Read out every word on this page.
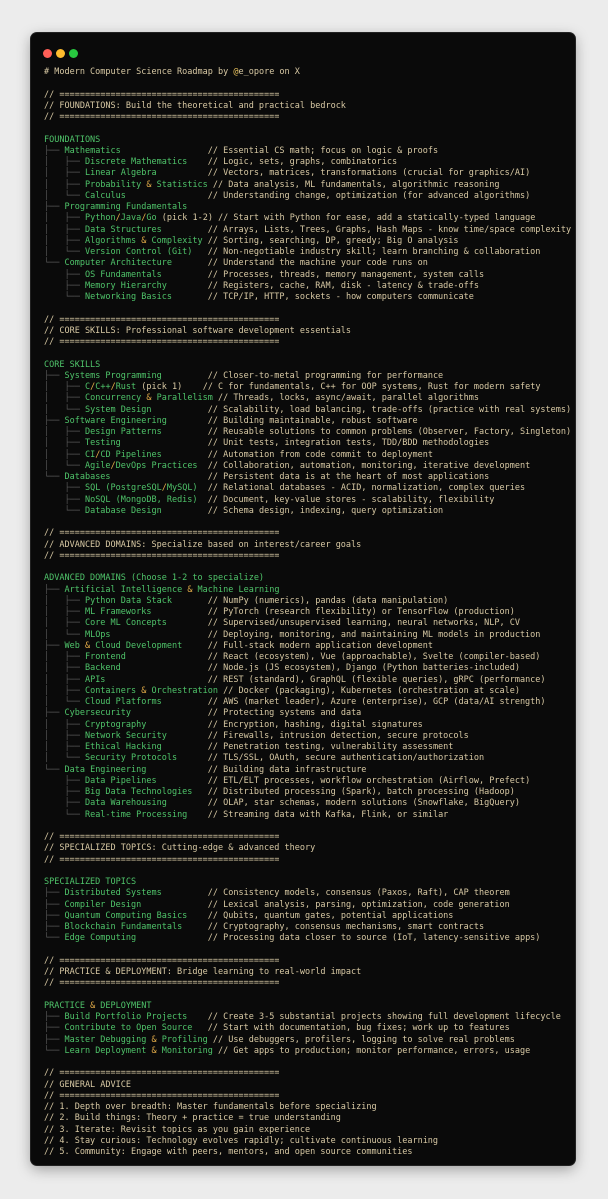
# Modern Computer Science Roadmap by @e_opore on X
// ===========================================
// FOUNDATIONS: Build the theoretical and practical bedrock
// ===========================================
FOUNDATIONS
├── Mathematics                 // Essential CS math; focus on logic & proofs
│   ├── Discrete Mathematics    // Logic, sets, graphs, combinatorics
│   ├── Linear Algebra          // Vectors, matrices, transformations (crucial for graphics/AI)
│   ├── Probability & Statistics // Data analysis, ML fundamentals, algorithmic reasoning
│   └── Calculus                // Understanding change, optimization (for advanced algorithms)
├── Programming Fundamentals
│   ├── Python/Java/Go (pick 1-2) // Start with Python for ease, add a statically-typed language
│   ├── Data Structures         // Arrays, Lists, Trees, Graphs, Hash Maps - know time/space complexity
│   ├── Algorithms & Complexity // Sorting, searching, DP, greedy; Big O analysis
│   └── Version Control (Git)   // Non-negotiable industry skill; learn branching & collaboration
└── Computer Architecture       // Understand the machine your code runs on
├── OS Fundamentals         // Processes, threads, memory management, system calls
├── Memory Hierarchy        // Registers, cache, RAM, disk - latency & trade-offs
└── Networking Basics       // TCP/IP, HTTP, sockets - how computers communicate
// ===========================================
// CORE SKILLS: Professional software development essentials
// ===========================================
CORE SKILLS
├── Systems Programming         // Closer-to-metal programming for performance
│   ├── C/C++/Rust (pick 1)    // C for fundamentals, C++ for OOP systems, Rust for modern safety
│   ├── Concurrency & Parallelism // Threads, locks, async/await, parallel algorithms
│   └── System Design           // Scalability, load balancing, trade-offs (practice with real systems)
├── Software Engineering        // Building maintainable, robust software
│   ├── Design Patterns         // Reusable solutions to common problems (Observer, Factory, Singleton)
│   ├── Testing                 // Unit tests, integration tests, TDD/BDD methodologies
│   ├── CI/CD Pipelines         // Automation from code commit to deployment
│   └── Agile/DevOps Practices  // Collaboration, automation, monitoring, iterative development
└── Databases                   // Persistent data is at the heart of most applications
├── SQL (PostgreSQL/MySQL)  // Relational databases - ACID, normalization, complex queries
├── NoSQL (MongoDB, Redis)  // Document, key-value stores - scalability, flexibility
└── Database Design         // Schema design, indexing, query optimization
// ===========================================
// ADVANCED DOMAINS: Specialize based on interest/career goals
// ===========================================
ADVANCED DOMAINS (Choose 1-2 to specialize)
├── Artificial Intelligence & Machine Learning
│   ├── Python Data Stack       // NumPy (numerics), pandas (data manipulation)
│   ├── ML Frameworks           // PyTorch (research flexibility) or TensorFlow (production)
│   ├── Core ML Concepts        // Supervised/unsupervised learning, neural networks, NLP, CV
│   └── MLOps                   // Deploying, monitoring, and maintaining ML models in production
├── Web & Cloud Development     // Full-stack modern application development
│   ├── Frontend                // React (ecosystem), Vue (approachable), Svelte (compiler-based)
│   ├── Backend                 // Node.js (JS ecosystem), Django (Python batteries-included)
│   ├── APIs                    // REST (standard), GraphQL (flexible queries), gRPC (performance)
│   ├── Containers & Orchestration // Docker (packaging), Kubernetes (orchestration at scale)
│   └── Cloud Platforms         // AWS (market leader), Azure (enterprise), GCP (data/AI strength)
├── Cybersecurity               // Protecting systems and data
│   ├── Cryptography            // Encryption, hashing, digital signatures
│   ├── Network Security        // Firewalls, intrusion detection, secure protocols
│   ├── Ethical Hacking         // Penetration testing, vulnerability assessment
│   └── Security Protocols      // TLS/SSL, OAuth, secure authentication/authorization
└── Data Engineering            // Building data infrastructure
├── Data Pipelines          // ETL/ELT processes, workflow orchestration (Airflow, Prefect)
├── Big Data Technologies   // Distributed processing (Spark), batch processing (Hadoop)
├── Data Warehousing        // OLAP, star schemas, modern solutions (Snowflake, BigQuery)
└── Real-time Processing    // Streaming data with Kafka, Flink, or similar
// ===========================================
// SPECIALIZED TOPICS: Cutting-edge & advanced theory
// ===========================================
SPECIALIZED TOPICS
├── Distributed Systems         // Consistency models, consensus (Paxos, Raft), CAP theorem
├── Compiler Design             // Lexical analysis, parsing, optimization, code generation
├── Quantum Computing Basics    // Qubits, quantum gates, potential applications
├── Blockchain Fundamentals     // Cryptography, consensus mechanisms, smart contracts
└── Edge Computing              // Processing data closer to source (IoT, latency-sensitive apps)
// ===========================================
// PRACTICE & DEPLOYMENT: Bridge learning to real-world impact
// ===========================================
PRACTICE & DEPLOYMENT
├── Build Portfolio Projects    // Create 3-5 substantial projects showing full development lifecycle
├── Contribute to Open Source   // Start with documentation, bug fixes; work up to features
├── Master Debugging & Profiling // Use debuggers, profilers, logging to solve real problems
└── Learn Deployment & Monitoring // Get apps to production; monitor performance, errors, usage
// ===========================================
// GENERAL ADVICE
// ===========================================
// 1. Depth over breadth: Master fundamentals before specializing
// 2. Build things: Theory + practice = true understanding
// 3. Iterate: Revisit topics as you gain experience
// 4. Stay curious: Technology evolves rapidly; cultivate continuous learning
// 5. Community: Engage with peers, mentors, and open source communities
